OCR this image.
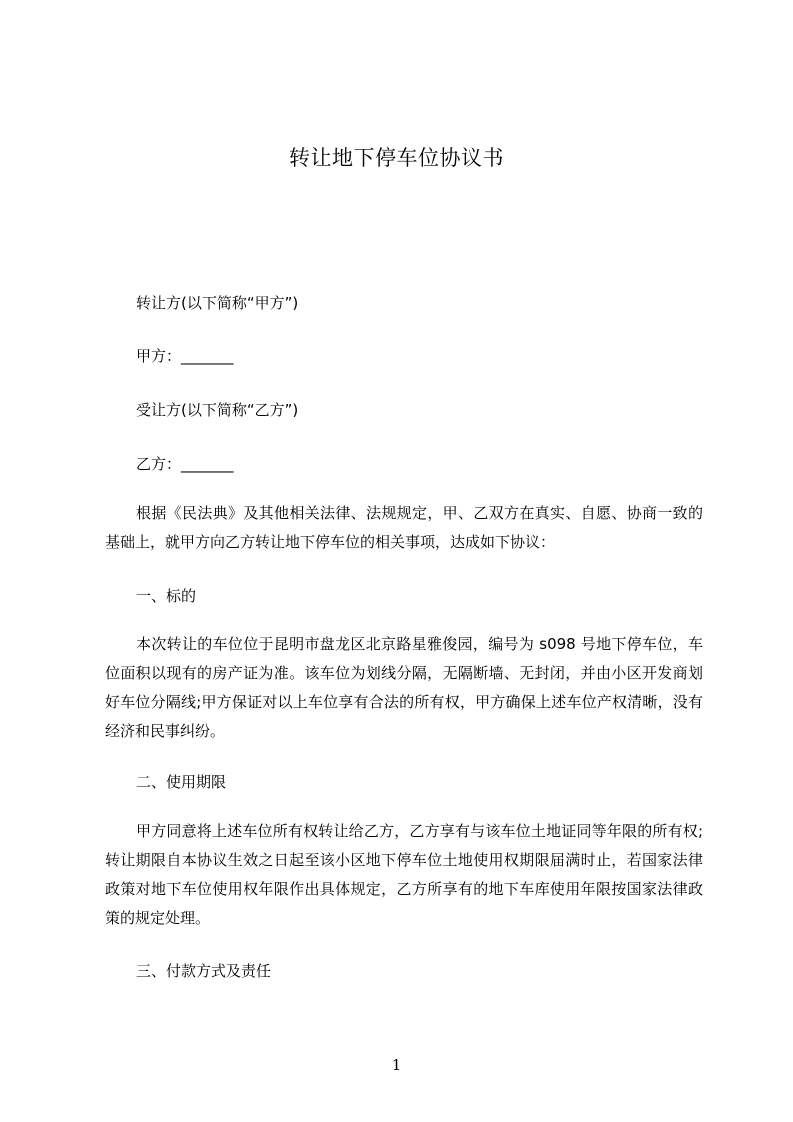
转让地下停车位协议书
转让方(以下简称“甲方”)
甲方：_______
受让方(以下简称“乙方”)
乙方：_______
根据《民法典》及其他相关法律、法规规定，甲、乙双方在真实、自愿、协商一致的基础上，就甲方向乙方转让地下停车位的相关事项，达成如下协议：
一、标的
本次转让的车位位于昆明市盘龙区北京路星雅俊园，编号为 s098 号地下停车位，车位面积以现有的房产证为准。该车位为划线分隔，无隔断墙、无封闭，并由小区开发商划好车位分隔线;甲方保证对以上车位享有合法的所有权，甲方确保上述车位产权清晰，没有经济和民事纠纷。
二、使用期限
甲方同意将上述车位所有权转让给乙方，乙方享有与该车位土地证同等年限的所有权;转让期限自本协议生效之日起至该小区地下停车位土地使用权期限届满时止，若国家法律政策对地下车位使用权年限作出具体规定，乙方所享有的地下车库使用年限按国家法律政策的规定处理。
三、付款方式及责任
1
